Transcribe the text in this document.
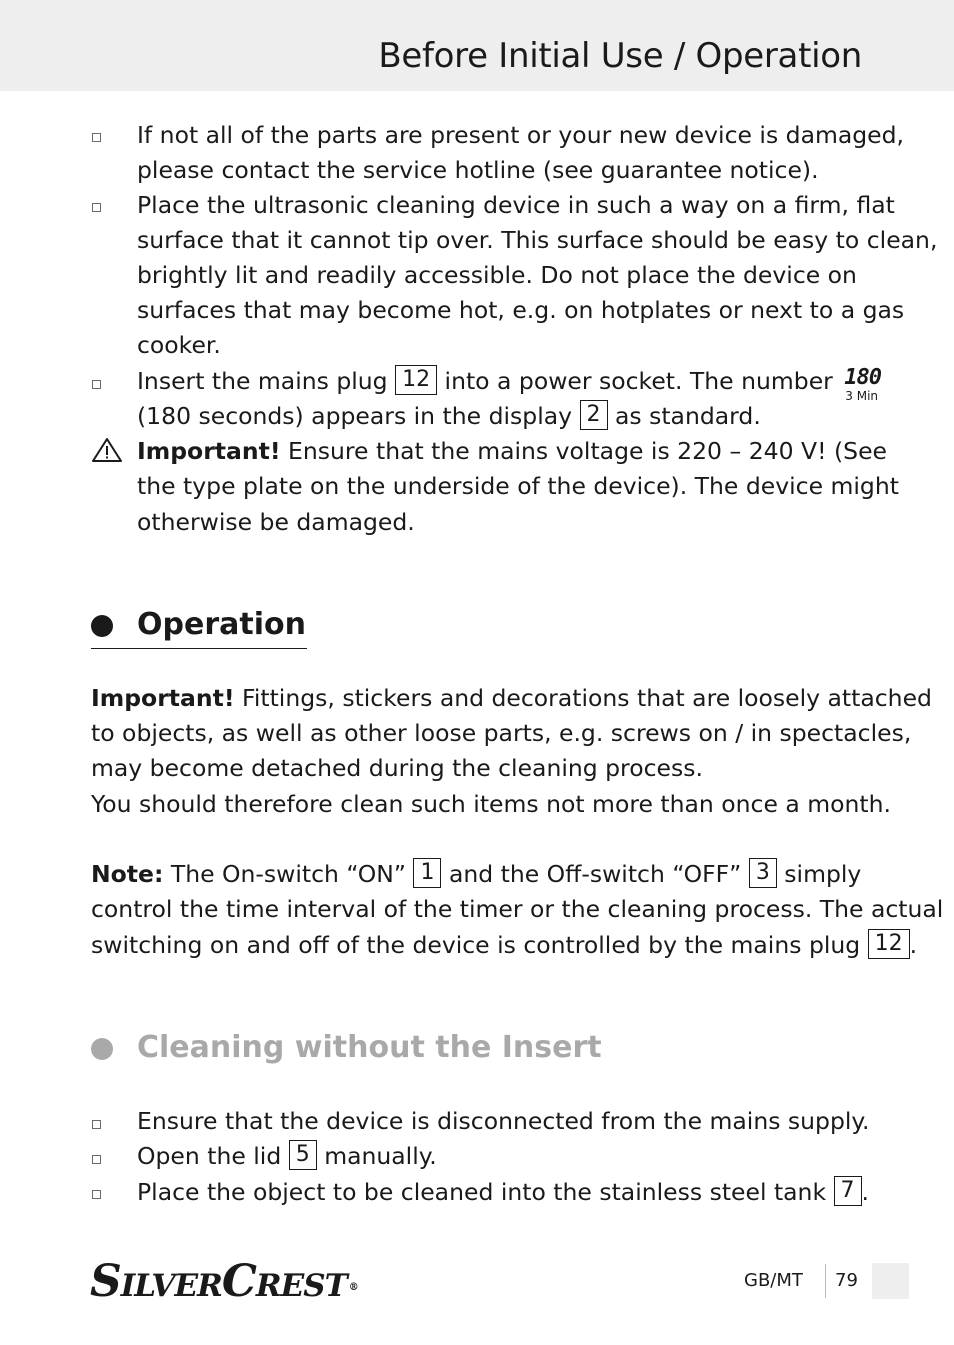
Before Initial Use / Operation
If not all of the parts are present or your new device is damaged,
please contact the service hotline (see guarantee notice).
Place the ultrasonic cleaning device in such a way on a firm, flat
surface that it cannot tip over. This surface should be easy to clean,
brightly lit and readily accessible. Do not place the device on
surfaces that may become hot, e.g. on hotplates or next to a gas
cooker.
Insert the mains plug 12 into a power socket. The number 180
3 Min
(180 seconds) appears in the display 2 as standard.
Important! Ensure that the mains voltage is 220 – 240 V! (See
the type plate on the underside of the device). The device might
otherwise be damaged.
Operation
Important! Fittings, stickers and decorations that are loosely attached
to objects, as well as other loose parts, e.g. screws on / in spectacles,
may become detached during the cleaning process.
You should therefore clean such items not more than once a month.
Note: The On-switch “ON” 1 and the Off-switch “OFF” 3 simply
control the time interval of the timer or the cleaning process. The actual
switching on and off of the device is controlled by the mains plug 12 .
Cleaning without the Insert
Ensure that the device is disconnected from the mains supply.
Open the lid 5 manually.
Place the object to be cleaned into the stainless steel tank 7 .
SILVERCREST ®	GB/MT 79
